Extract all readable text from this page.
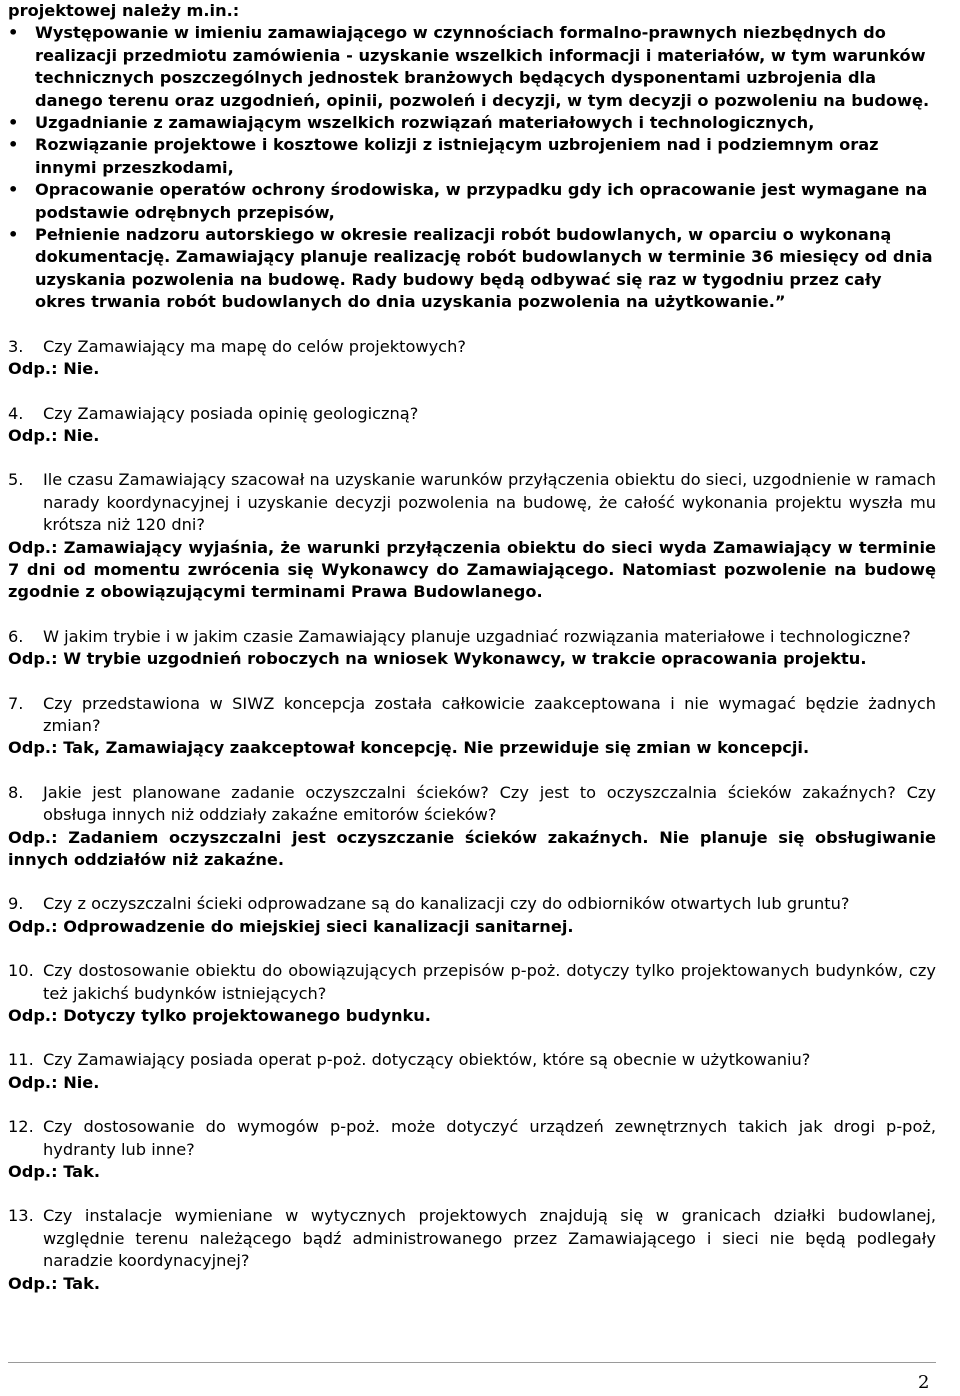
projektowej należy m.in.:

•	Występowanie w imieniu zamawiającego w czynnościach formalno-prawnych niezbędnych do realizacji przedmiotu zamówienia - uzyskanie wszelkich informacji i materiałów, w tym warunków technicznych poszczególnych jednostek branżowych będących dysponentami uzbrojenia dla danego terenu oraz uzgodnień, opinii, pozwoleń i decyzji, w tym decyzji o pozwoleniu na budowę.
•	Uzgadnianie z zamawiającym wszelkich rozwiązań materiałowych i technologicznych,
•	Rozwiązanie projektowe i kosztowe kolizji z istniejącym uzbrojeniem nad i podziemnym oraz innymi przeszkodami,
•	Opracowanie operatów ochrony środowiska, w przypadku gdy ich opracowanie jest wymagane na podstawie odrębnych przepisów,
•	Pełnienie nadzoru autorskiego w okresie realizacji robót budowlanych, w oparciu o wykonaną dokumentację. Zamawiający planuje realizację robót budowlanych w terminie 36 miesięcy od dnia uzyskania pozwolenia na budowę. Rady budowy będą odbywać się raz w tygodniu przez cały okres trwania robót budowlanych do dnia uzyskania pozwolenia na użytkowanie.”
3. Czy Zamawiający ma mapę do celów projektowych?
Odp.: Nie.
4. Czy Zamawiający posiada opinię geologiczną?
Odp.: Nie.
5. Ile czasu Zamawiający szacował na uzyskanie warunków przyłączenia obiektu do sieci, uzgodnienie w ramach narady koordynacyjnej i uzyskanie decyzji pozwolenia na budowę, że całość wykonania projektu wyszła mu krótsza niż 120 dni?
Odp.: Zamawiający wyjaśnia, że warunki przyłączenia obiektu do sieci wyda Zamawiający w terminie 7 dni od momentu zwrócenia się Wykonawcy do Zamawiającego. Natomiast pozwolenie na budowę zgodnie z obowiązującymi terminami Prawa Budowlanego.
6. W jakim trybie i w jakim czasie Zamawiający planuje uzgadniać rozwiązania materiałowe i technologiczne?
Odp.: W trybie uzgodnień roboczych na wniosek Wykonawcy, w trakcie opracowania projektu.
7. Czy przedstawiona w SIWZ koncepcja została całkowicie zaakceptowana i nie wymagać będzie żadnych zmian?
Odp.: Tak, Zamawiający zaakceptował koncepcję. Nie przewiduje się zmian w koncepcji.
8. Jakie jest planowane zadanie oczyszczalni ścieków? Czy jest to oczyszczalnia ścieków zakaźnych? Czy obsługa innych niż oddziały zakaźne emitorów ścieków?
Odp.: Zadaniem oczyszczalni jest oczyszczanie ścieków zakaźnych. Nie planuje się obsługiwanie innych oddziałów niż zakaźne.
9. Czy z oczyszczalni ścieki odprowadzane są do kanalizacji czy do odbiorników otwartych lub gruntu?
Odp.: Odprowadzenie do miejskiej sieci kanalizacji sanitarnej.
10. Czy dostosowanie obiektu do obowiązujących przepisów p-poż. dotyczy tylko projektowanych budynków, czy też jakichś budynków istniejących?
Odp.: Dotyczy tylko projektowanego budynku.
11. Czy Zamawiający posiada operat p-poż. dotyczący obiektów, które są obecnie w użytkowaniu?
Odp.: Nie.
12. Czy dostosowanie do wymogów p-poż. może dotyczyć urządzeń zewnętrznych takich jak drogi p-poż, hydranty lub inne?
Odp.: Tak.
13. Czy instalacje wymieniane w wytycznych projektowych znajdują się w granicach działki budowlanej, względnie terenu należącego bądź administrowanego przez Zamawiającego i sieci nie będą podlegały naradzie koordynacyjnej?
Odp.: Tak.
2
